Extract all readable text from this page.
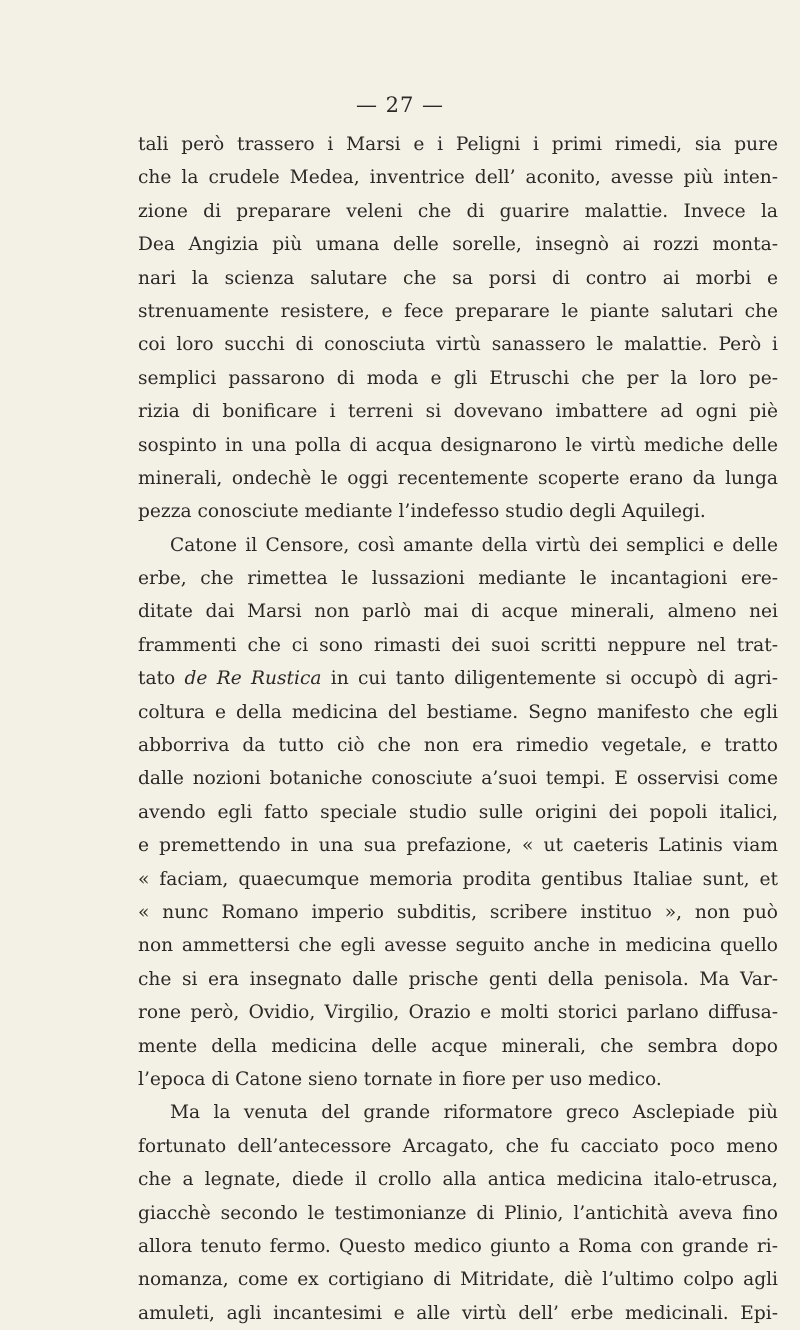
— 27 —
tali però trassero i Marsi e i Peligni i primi rimedi, sia pure
che la crudele Medea, inventrice dell’ aconito, avesse più inten-
zione di preparare veleni che di guarire malattie. Invece la
Dea Angizia più umana delle sorelle, insegnò ai rozzi monta-
nari la scienza salutare che sa porsi di contro ai morbi e
strenuamente resistere, e fece preparare le piante salutari che
coi loro succhi di conosciuta virtù sanassero le malattie. Però i
semplici passarono di moda e gli Etruschi che per la loro pe-
rizia di bonificare i terreni si dovevano imbattere ad ogni piè
sospinto in una polla di acqua designarono le virtù mediche delle
minerali, ondechè le oggi recentemente scoperte erano da lunga
pezza conosciute mediante l’indefesso studio degli Aquilegi.
Catone il Censore, così amante della virtù dei semplici e delle
erbe, che rimettea le lussazioni mediante le incantagioni ere-
ditate dai Marsi non parlò mai di acque minerali, almeno nei
frammenti che ci sono rimasti dei suoi scritti neppure nel trat-
tato de Re Rustica in cui tanto diligentemente si occupò di agri-
coltura e della medicina del bestiame. Segno manifesto che egli
abborriva da tutto ciò che non era rimedio vegetale, e tratto
dalle nozioni botaniche conosciute a’suoi tempi. E osservisi come
avendo egli fatto speciale studio sulle origini dei popoli italici,
e premettendo in una sua prefazione, « ut caeteris Latinis viam
« faciam, quaecumque memoria prodita gentibus Italiae sunt, et
« nunc Romano imperio subditis, scribere instituo », non può
non ammettersi che egli avesse seguito anche in medicina quello
che si era insegnato dalle prische genti della penisola. Ma Var-
rone però, Ovidio, Virgilio, Orazio e molti storici parlano diffusa-
mente della medicina delle acque minerali, che sembra dopo
l’epoca di Catone sieno tornate in fiore per uso medico.
Ma la venuta del grande riformatore greco Asclepiade più
fortunato dell’antecessore Arcagato, che fu cacciato poco meno
che a legnate, diede il crollo alla antica medicina italo-etrusca,
giacchè secondo le testimonianze di Plinio, l’antichità aveva fino
allora tenuto fermo. Questo medico giunto a Roma con grande ri-
nomanza, come ex cortigiano di Mitridate, diè l’ultimo colpo agli
amuleti, agli incantesimi e alle virtù dell’ erbe medicinali. Epi-
